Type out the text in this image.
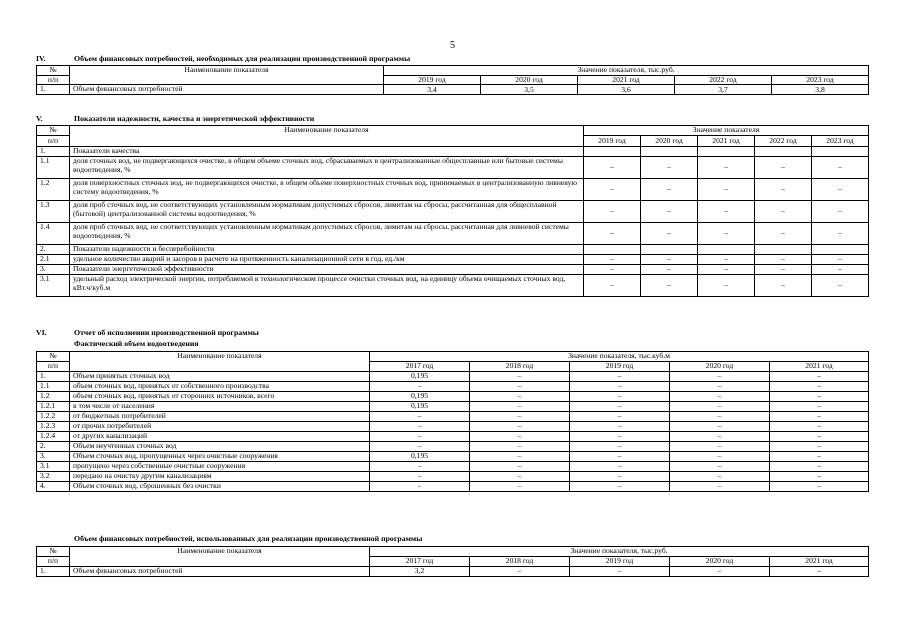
5
IV.	Объем финансовых потребностей, необходимых для реализации производственной программы
№	Наименование показателя	Значение показателя, тыс.руб.				
п/п		2019 год	2020 год	2021 год	2022 год	2023 год
1.	Объем финансовых потребностей	3,4	3,5	3,6	3,7	3,8
V.	Показатели надежности, качества и энергетической эффективности
№	Наименование показателя	Значение показателя				
п/п		2019 год	2020 год	2021 год	2022 год	2023 год
1.	Показатели качества					
1.1	доля сточных вод, не подвергающихся очистке, в общем объеме сточных вод, сбрасываемых в централизованные общесплавные или бытовые системы водоотведения, %	–	–	–	–	–
1.2	доля поверхностных сточных вод, не подвергающихся очистке, в общем объеме поверхностных сточных вод, принимаемых в централизованную ливневую систему водоотведения, %	–	–	–	–	–
1.3	доля проб сточных вод, не соответствующих установленным нормативам допустимых сбросов, лимитам на сбросы, рассчитанная для общесплавной (бытовой) централизованной системы водоотведения, %	–	–	–	–	–
1.4	доля проб сточных вод, не соответствующих установленным нормативам допустимых сбросов, лимитам на сбросы, рассчитанная для ливневой системы водоотведения, %	–	–	–	–	–
2.	Показатели надежности и бесперебойности					
2.1	удельное количество аварий и засоров в расчете на протяженность канализационной сети в год, ед./км	–	–	–	–	–
3.	Показатели энергетической эффективности	–	–	–	–	–
3.1	удельный расход электрической энергии, потребляемой в технологическом процессе очистки сточных вод, на единицу объема очищаемых сточных вод, кВт.ч/куб.м	–	–	–	–	–
VI.	Отчет об исполнении производственной программы
Фактический объем водоотведения
№	Наименование показателя	Значение показателя, тыс.куб.м				
п/п		2017 год	2018 год	2019 год	2020 год	2021 год
1.	Объем принятых сточных вод	0,195	–	–	–	–
1.1	объем сточных вод, принятых от собственного производства	-	–	–	–	–
1.2	объем сточных вод, принятых от сторонних источников, всего	0,195	–	–	–	–
1.2.1	в том числе от населения	0,195	–	–	–	–
1.2.2	от бюджетных потребителей	–	–	–	–	–
1.2.3	от прочих потребителей	–	–	–	–	–
1.2.4	от других канализаций	–	–	–	–	–
2.	Объем неучтенных сточных вод	–	–	–	–	–
3.	Объем сточных вод, пропущенных через очистные сооружения	0,195	–	–	–	–
3.1	пропущено через собственные очистные сооружения	-	–	–	–	–
3.2	передано на очистку другим канализациям	-	–	–	–	–
4.	Объем сточных вод, сброшенных без очистки	-	–	–	–	–
Объем финансовых потребностей, использованных для реализации производственной программы
№	Наименование показателя	Значение показателя, тыс.руб.				
п/п		2017 год	2018 год	2019 год	2020 год	2021 год
1.	Объем финансовых потребностей	3,2	–	–	–	–
